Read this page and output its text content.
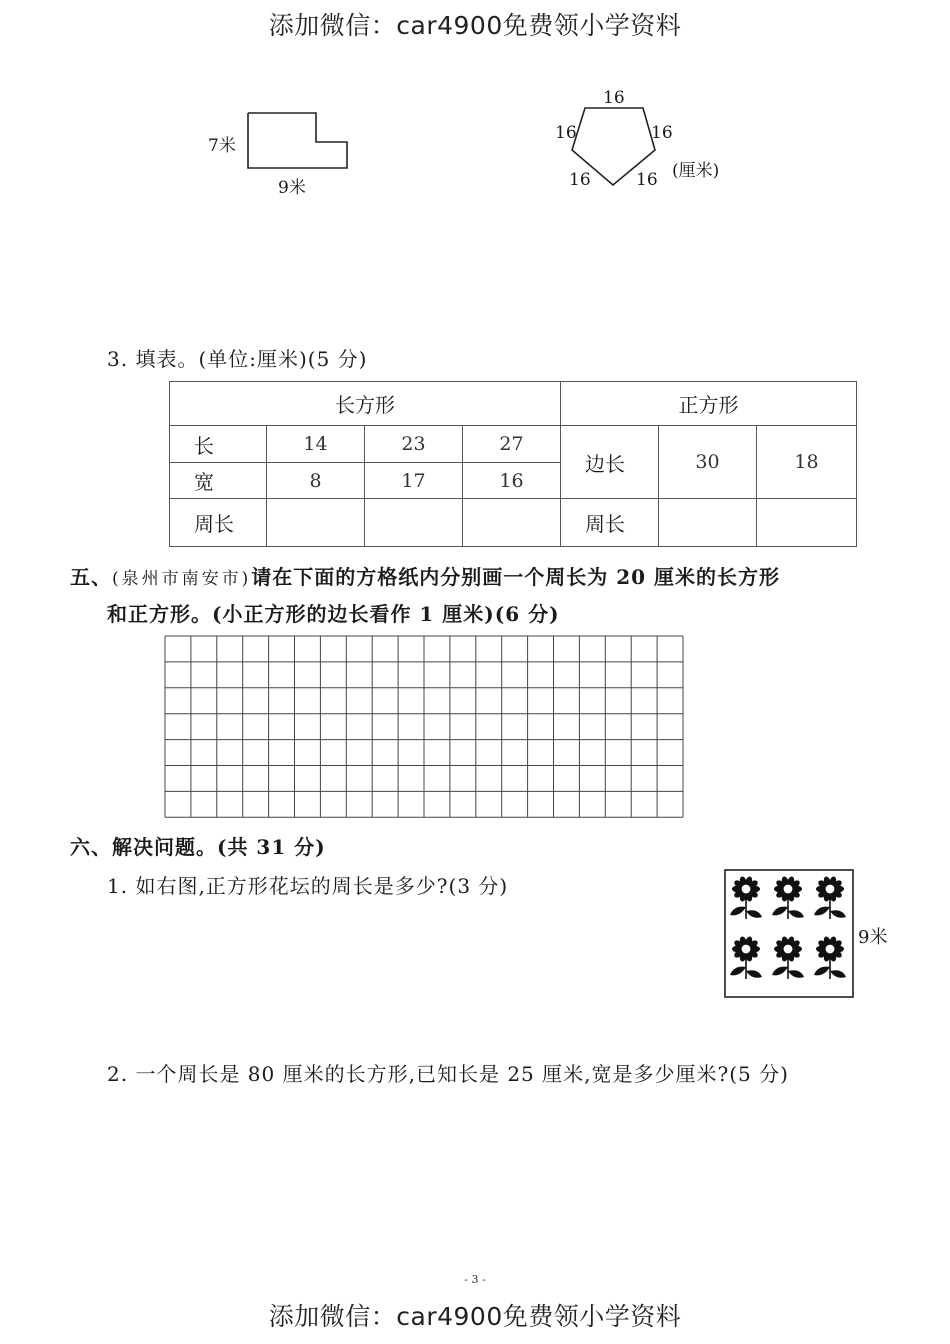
添加微信：car4900免费领小学资料
7米
9米
16
16	16
16	16 (厘米)
3. 填表。(单位:厘米)(5 分)
长方形				正方形		
长	14	23	27	边长	30	18
宽	8	17	16			
周长				周长		
五、(泉州市南安市)请在下面的方格纸内分别画一个周长为 20 厘米的长方形
和正方形。(小正方形的边长看作 1 厘米)(6 分)
六、解决问题。(共 31 分)
1. 如右图,正方形花坛的周长是多少?(3 分)
9米
2. 一个周长是 80 厘米的长方形,已知长是 25 厘米,宽是多少厘米?(5 分)
- 3 -
添加微信：car4900免费领小学资料
